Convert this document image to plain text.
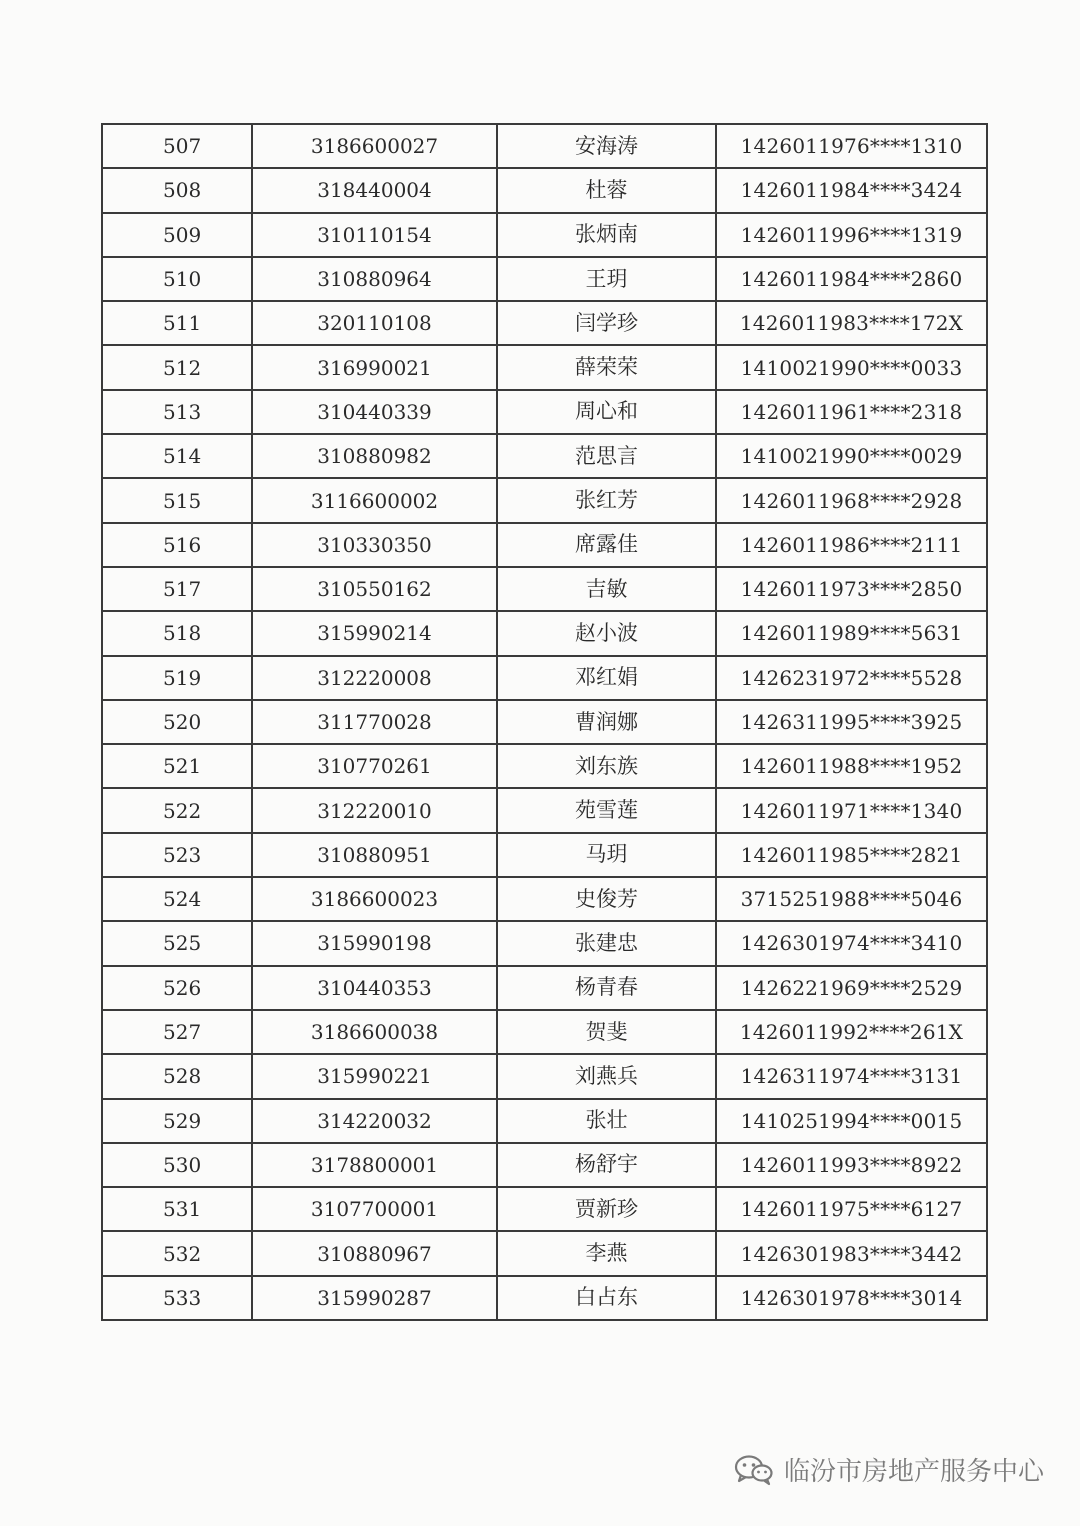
507	3186600027	安海涛	1426011976****1310
508	318440004	杜蓉	1426011984****3424
509	310110154	张炳南	1426011996****1319
510	310880964	王玥	1426011984****2860
511	320110108	闫学珍	1426011983****172X
512	316990021	薛荣荣	1410021990****0033
513	310440339	周心和	1426011961****2318
514	310880982	范思言	1410021990****0029
515	3116600002	张红芳	1426011968****2928
516	310330350	席露佳	1426011986****2111
517	310550162	吉敏	1426011973****2850
518	315990214	赵小波	1426011989****5631
519	312220008	邓红娟	1426231972****5528
520	311770028	曹润娜	1426311995****3925
521	310770261	刘东族	1426011988****1952
522	312220010	苑雪莲	1426011971****1340
523	310880951	马玥	1426011985****2821
524	3186600023	史俊芳	3715251988****5046
525	315990198	张建忠	1426301974****3410
526	310440353	杨青春	1426221969****2529
527	3186600038	贺斐	1426011992****261X
528	315990221	刘燕兵	1426311974****3131
529	314220032	张壮	1410251994****0015
530	3178800001	杨舒宇	1426011993****8922
531	3107700001	贾新珍	1426011975****6127
532	310880967	李燕	1426301983****3442
533	315990287	白占东	1426301978****3014
临汾市房地产服务中心
